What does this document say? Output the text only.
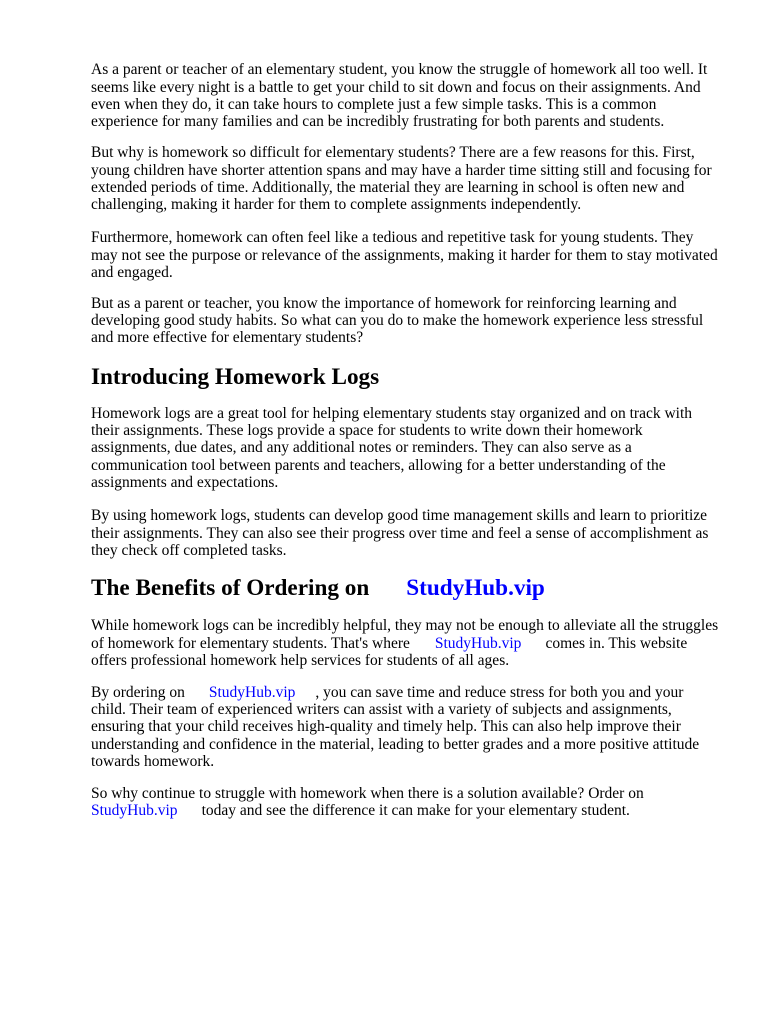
As a parent or teacher of an elementary student, you know the struggle of homework all too well. It
seems like every night is a battle to get your child to sit down and focus on their assignments. And
even when they do, it can take hours to complete just a few simple tasks. This is a common
experience for many families and can be incredibly frustrating for both parents and students.
But why is homework so difficult for elementary students? There are a few reasons for this. First,
young children have shorter attention spans and may have a harder time sitting still and focusing for
extended periods of time. Additionally, the material they are learning in school is often new and
challenging, making it harder for them to complete assignments independently.
Furthermore, homework can often feel like a tedious and repetitive task for young students. They
may not see the purpose or relevance of the assignments, making it harder for them to stay motivated
and engaged.
But as a parent or teacher, you know the importance of homework for reinforcing learning and
developing good study habits. So what can you do to make the homework experience less stressful
and more effective for elementary students?
Introducing Homework Logs
Homework logs are a great tool for helping elementary students stay organized and on track with
their assignments. These logs provide a space for students to write down their homework
assignments, due dates, and any additional notes or reminders. They can also serve as a
communication tool between parents and teachers, allowing for a better understanding of the
assignments and expectations.
By using homework logs, students can develop good time management skills and learn to prioritize
their assignments. They can also see their progress over time and feel a sense of accomplishment as
they check off completed tasks.
The Benefits of Ordering on StudyHub.vip
While homework logs can be incredibly helpful, they may not be enough to alleviate all the struggles
of homework for elementary students. That's where StudyHub.vip comes in. This website
offers professional homework help services for students of all ages.
By ordering on StudyHub.vip , you can save time and reduce stress for both you and your
child. Their team of experienced writers can assist with a variety of subjects and assignments,
ensuring that your child receives high-quality and timely help. This can also help improve their
understanding and confidence in the material, leading to better grades and a more positive attitude
towards homework.
So why continue to struggle with homework when there is a solution available? Order on
StudyHub.vip today and see the difference it can make for your elementary student.
